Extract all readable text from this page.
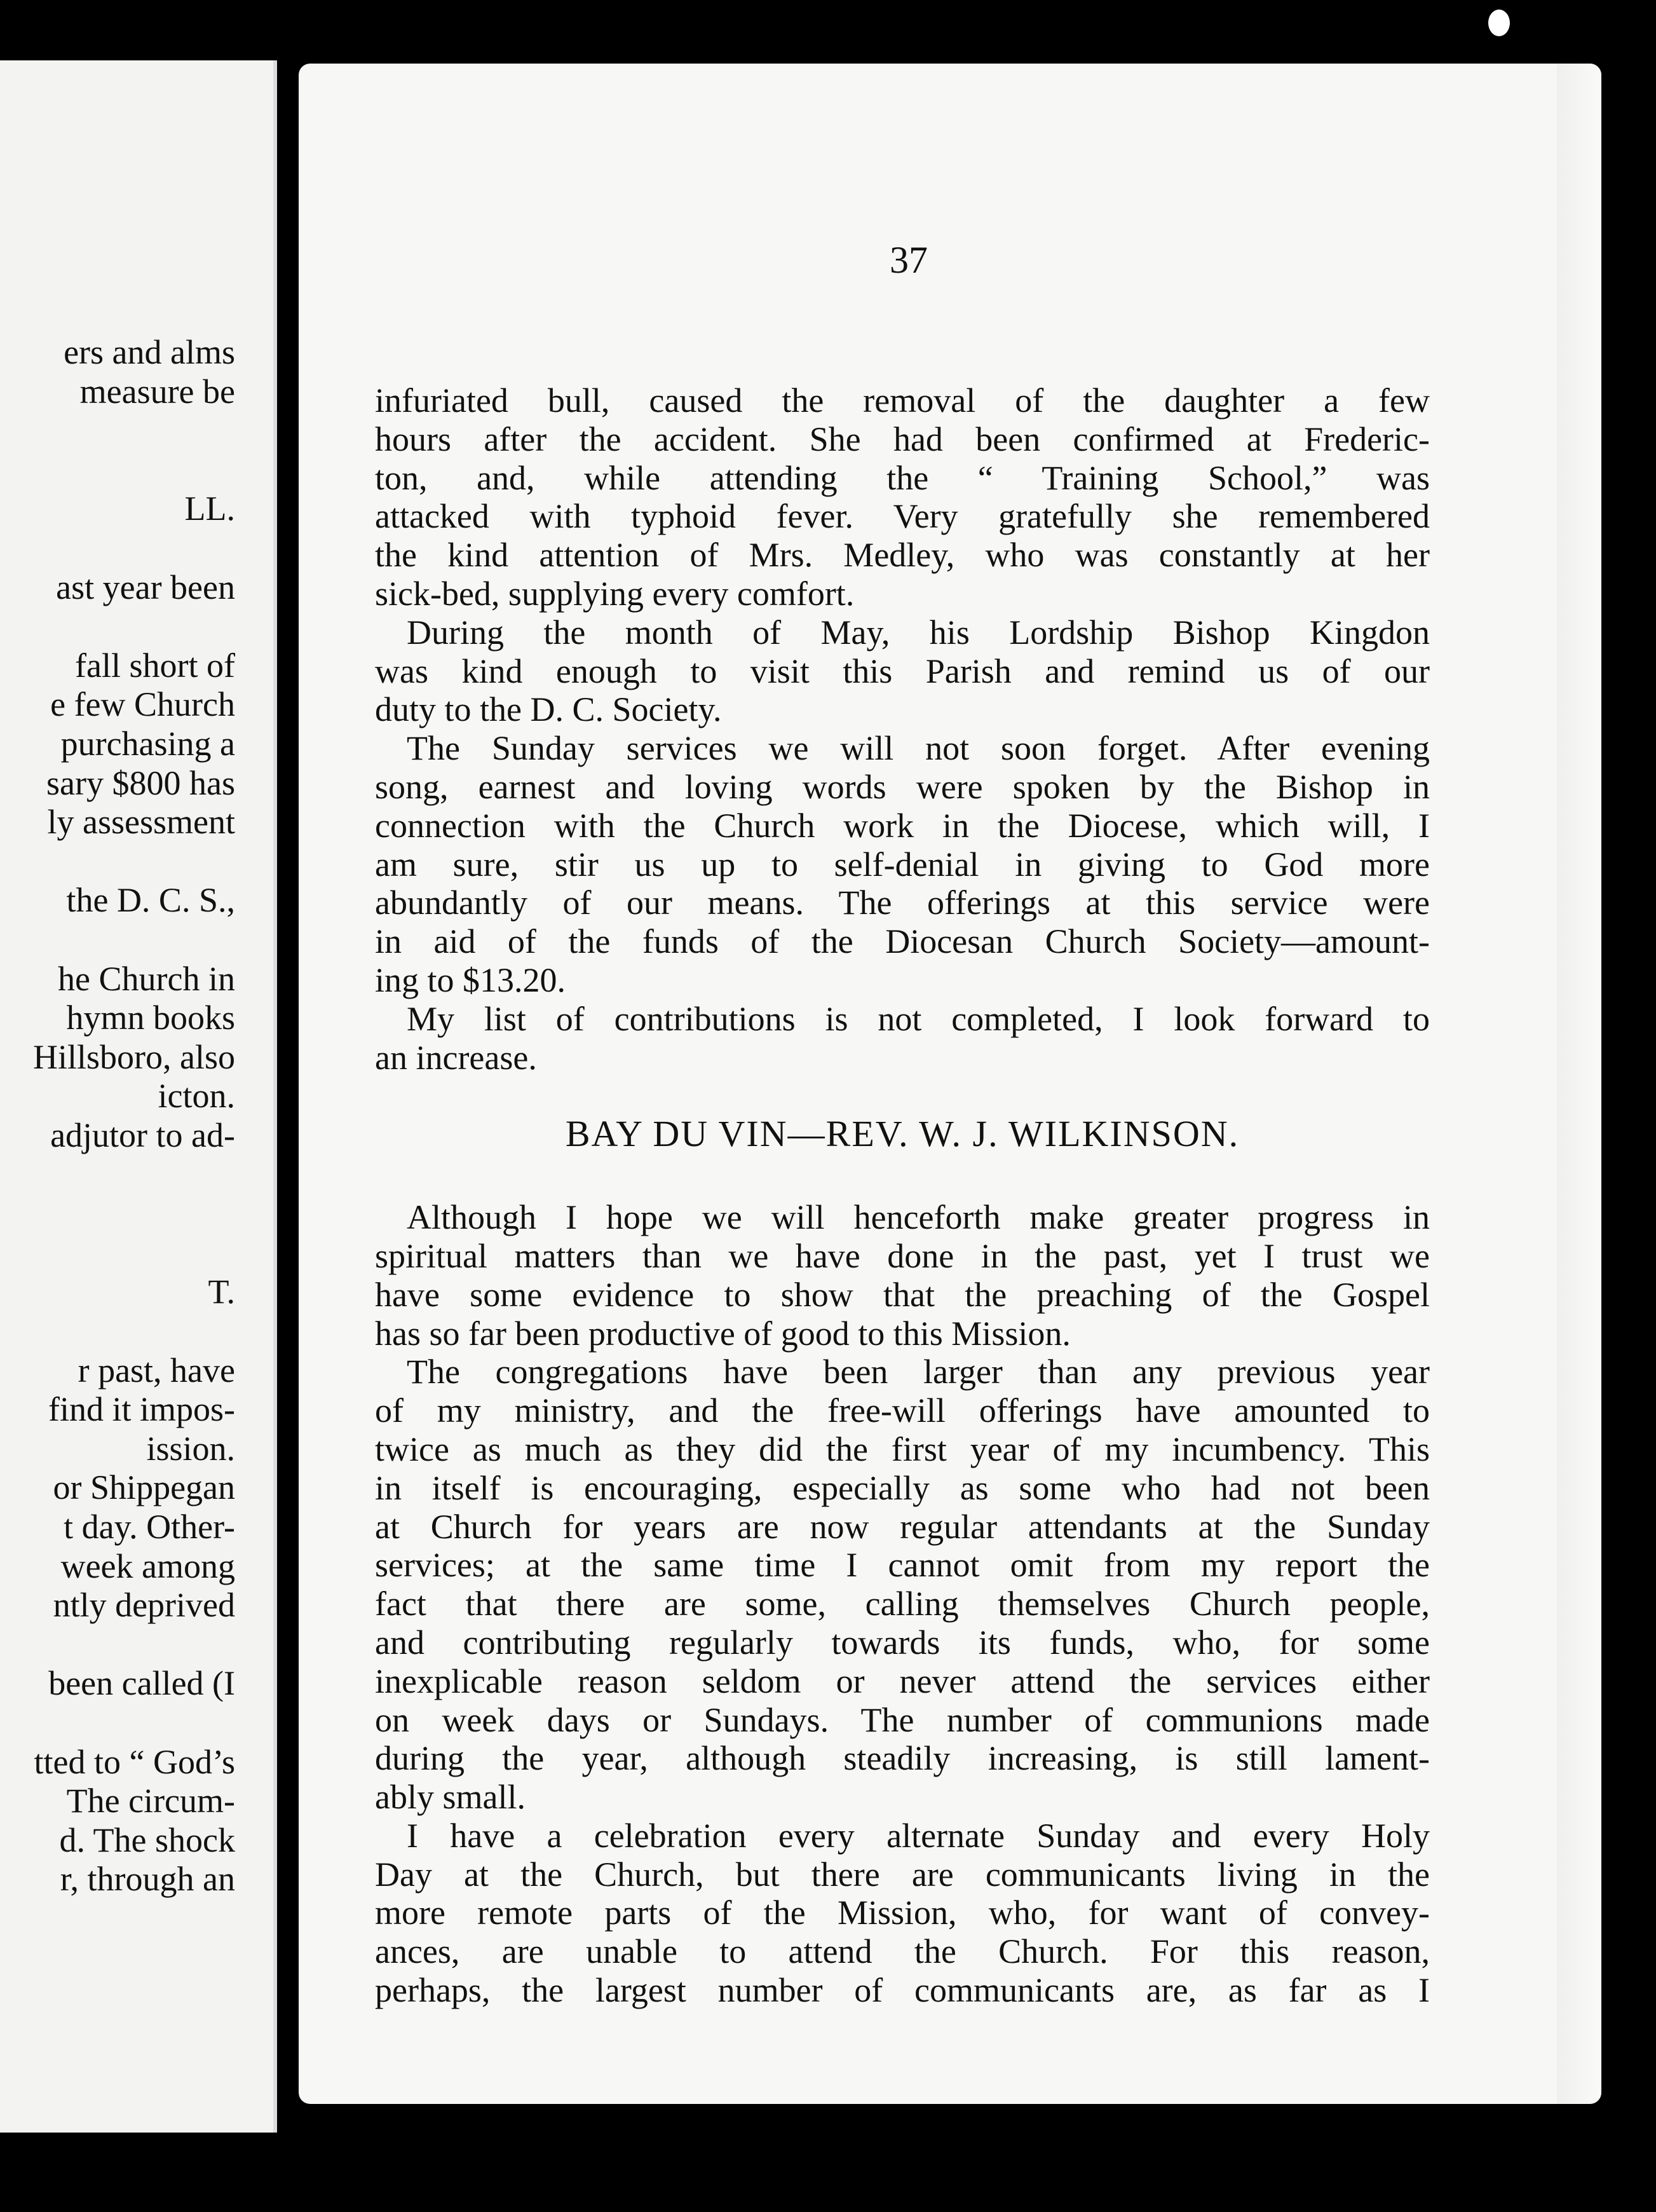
ers and alms
measure be
LL.
ast year been
fall short of
e few Church
purchasing a
sary $800 has
ly assessment
the D. C. S.,
he Church in
hymn books
Hillsboro, also
icton.
adjutor to ad-
T.
r past, have
find it impos-
ission.
or Shippegan
t day. Other-
week among
ntly deprived
been called (I
tted to “ God’s
The circum-
d. The shock
r, through an
37
infuriated bull, caused the removal of the daughter a few
hours after the accident. She had been confirmed at Frederic-
ton, and, while attending the “ Training School,” was
attacked with typhoid fever. Very gratefully she remembered
the kind attention of Mrs. Medley, who was constantly at her
sick-bed, supplying every comfort.
During the month of May, his Lordship Bishop Kingdon
was kind enough to visit this Parish and remind us of our
duty to the D. C. Society.
The Sunday services we will not soon forget. After evening
song, earnest and loving words were spoken by the Bishop in
connection with the Church work in the Diocese, which will, I
am sure, stir us up to self-denial in giving to God more
abundantly of our means. The offerings at this service were
in aid of the funds of the Diocesan Church Society—amount-
ing to $13.20.
My list of contributions is not completed, I look forward to
an increase.
BAY DU VIN—REV. W. J. WILKINSON.
Although I hope we will henceforth make greater progress in
spiritual matters than we have done in the past, yet I trust we
have some evidence to show that the preaching of the Gospel
has so far been productive of good to this Mission.
The congregations have been larger than any previous year
of my ministry, and the free-will offerings have amounted to
twice as much as they did the first year of my incumbency. This
in itself is encouraging, especially as some who had not been
at Church for years are now regular attendants at the Sunday
services; at the same time I cannot omit from my report the
fact that there are some, calling themselves Church people,
and contributing regularly towards its funds, who, for some
inexplicable reason seldom or never attend the services either
on week days or Sundays. The number of communions made
during the year, although steadily increasing, is still lament-
ably small.
I have a celebration every alternate Sunday and every Holy
Day at the Church, but there are communicants living in the
more remote parts of the Mission, who, for want of convey-
ances, are unable to attend the Church. For this reason,
perhaps, the largest number of communicants are, as far as I
